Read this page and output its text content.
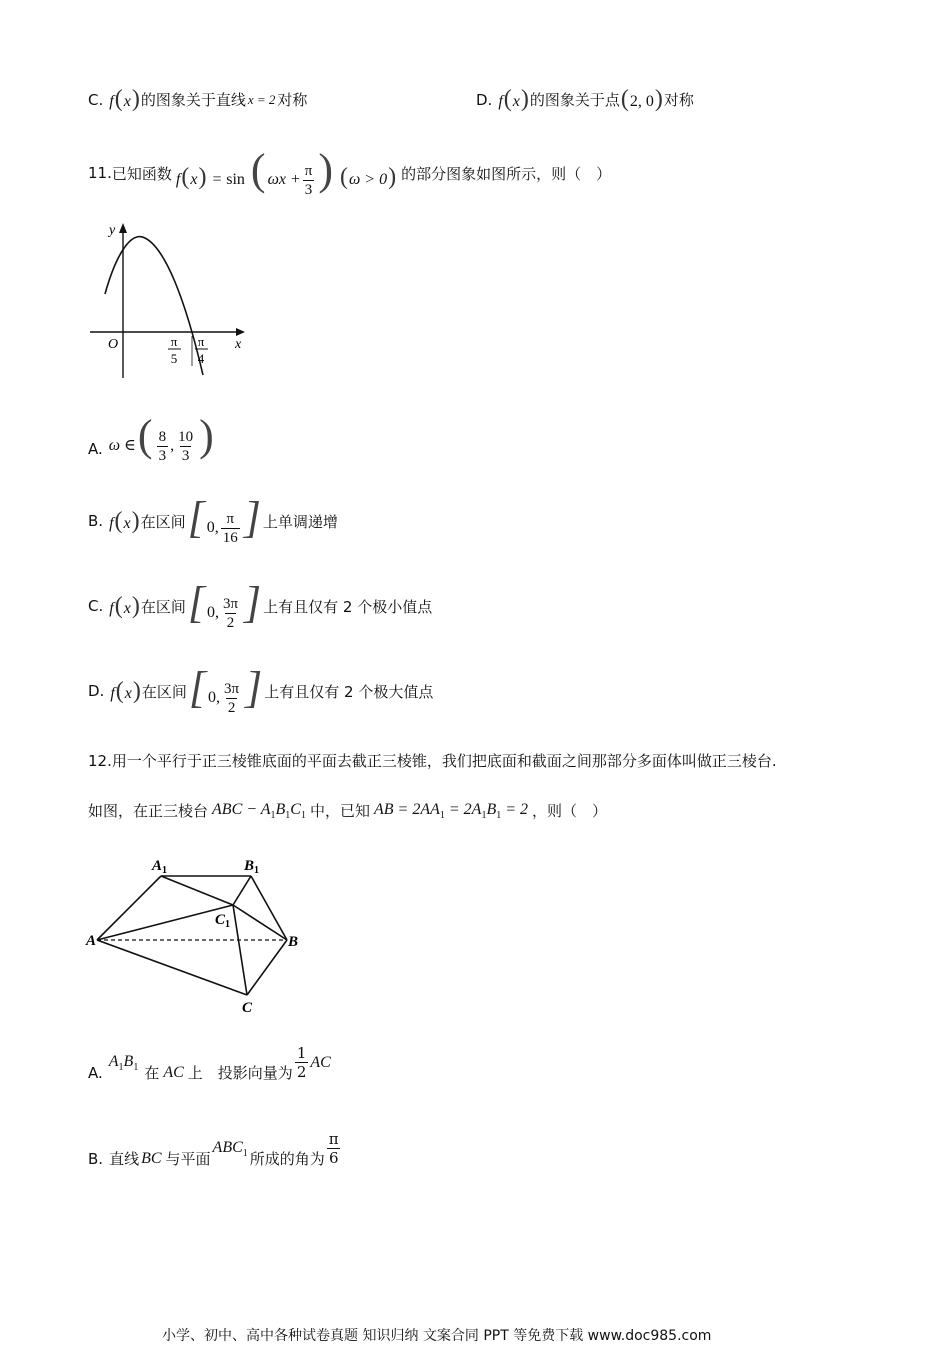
C. f(x) 的图象关于直线 x = 2 对称	D. f(x) 的图象关于点 (2, 0) 对称
11. 已知函数 f(x) = sin ( $\omega x + \frac{\pi}{3}$ ) (ω > 0) 的部分图象如图所示，则（　）
y
x
O	π
5
π
4
A. ω ∈( $\frac{8}{3}$ , $\frac{10}{3}$ )
B. f(x) 在区间 [ 0, $\frac{\pi}{16}$ ] 上单调递增
C. f(x) 在区间 [ 0, $\frac{3\pi}{2}$ ] 上有且仅有 2 个极小值点
D. f(x) 在区间 [ 0, $\frac{3\pi}{2}$ ] 上有且仅有 2 个极大值点
12. 用一个平行于正三棱锥底面的平面去截正三棱锥，我们把底面和截面之间那部分多面体叫做正三棱台.
如图，在正三棱台 ABC − $A_1B_1C_1$ 中，已知 AB = $2AA_1 = 2A_1B_1 = 2$ ，则（　）
$A_1$	$B_1$
$C_1$
A	B
C
A.
$A_1B_1$ 在 AC 上　投影向量为 $\frac{1}{2}$ AC
B. 直线 BC 与平面
$ABC_1$ 所成的角为 $\frac{\pi}{6}$
小学、初中、高中各种试卷真题 知识归纳 文案合同 PPT 等免费下载 www.doc985.com
